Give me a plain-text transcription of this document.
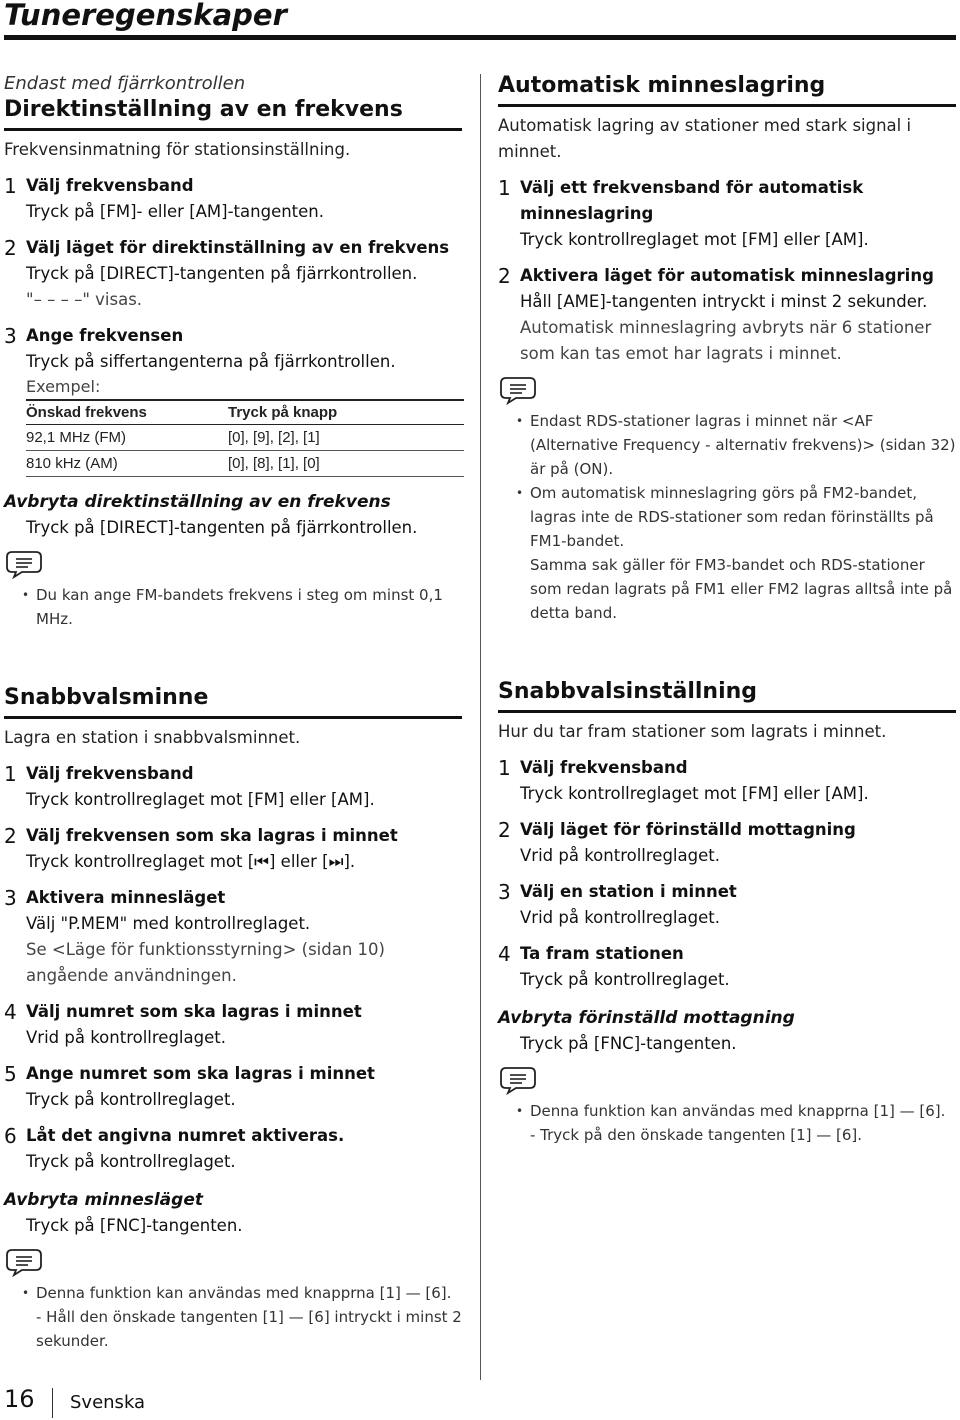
Tuneregenskaper
Endast med fjärrkontrollen
Direktinställning av en frekvens
Frekvensinmatning för stationsinställning.
1 Välj frekvensband
Tryck på [FM]- eller [AM]-tangenten.
2 Välj läget för direktinställning av en frekvens
Tryck på [DIRECT]-tangenten på fjärrkontrollen.
"– – – –" visas.
3 Ange frekvensen
Tryck på siffertangenterna på fjärrkontrollen.
Exempel:
Önskad frekvens	Tryck på knapp
92,1 MHz (FM)	[0], [9], [2], [1]
810 kHz (AM)	[0], [8], [1], [0]
Avbryta direktinställning av en frekvens
Tryck på [DIRECT]-tangenten på fjärrkontrollen.
• Du kan ange FM-bandets frekvens i steg om minst 0,1 MHz.
Snabbvalsminne
Lagra en station i snabbvalsminnet.
1 Välj frekvensband
Tryck kontrollreglaget mot [FM] eller [AM].
2 Välj frekvensen som ska lagras i minnet
Tryck kontrollreglaget mot [⏮] eller [⏭].
3 Aktivera minnesläget
Välj "P.MEM" med kontrollreglaget.
Se <Läge för funktionsstyrning> (sidan 10) angående användningen.
4 Välj numret som ska lagras i minnet
Vrid på kontrollreglaget.
5 Ange numret som ska lagras i minnet
Tryck på kontrollreglaget.
6 Låt det angivna numret aktiveras.
Tryck på kontrollreglaget.
Avbryta minnesläget
Tryck på [FNC]-tangenten.
• Denna funktion kan användas med knapprna [1] — [6].
- Håll den önskade tangenten [1] — [6] intryckt i minst 2 sekunder.
Automatisk minneslagring
Automatisk lagring av stationer med stark signal i minnet.
1 Välj ett frekvensband för automatisk minneslagring
Tryck kontrollreglaget mot [FM] eller [AM].
2 Aktivera läget för automatisk minneslagring
Håll [AME]-tangenten intryckt i minst 2 sekunder.
Automatisk minneslagring avbryts när 6 stationer som kan tas emot har lagrats i minnet.
• Endast RDS-stationer lagras i minnet när <AF (Alternative Frequency - alternativ frekvens)> (sidan 32) är på (ON).
• Om automatisk minneslagring görs på FM2-bandet, lagras inte de RDS-stationer som redan förinställts på FM1-bandet.
Samma sak gäller för FM3-bandet och RDS-stationer som redan lagrats på FM1 eller FM2 lagras alltså inte på detta band.
Snabbvalsinställning
Hur du tar fram stationer som lagrats i minnet.
1 Välj frekvensband
Tryck kontrollreglaget mot [FM] eller [AM].
2 Välj läget för förinställd mottagning
Vrid på kontrollreglaget.
3 Välj en station i minnet
Vrid på kontrollreglaget.
4 Ta fram stationen
Tryck på kontrollreglaget.
Avbryta förinställd mottagning
Tryck på [FNC]-tangenten.
• Denna funktion kan användas med knapprna [1] — [6].
- Tryck på den önskade tangenten [1] — [6].
16 Svenska
